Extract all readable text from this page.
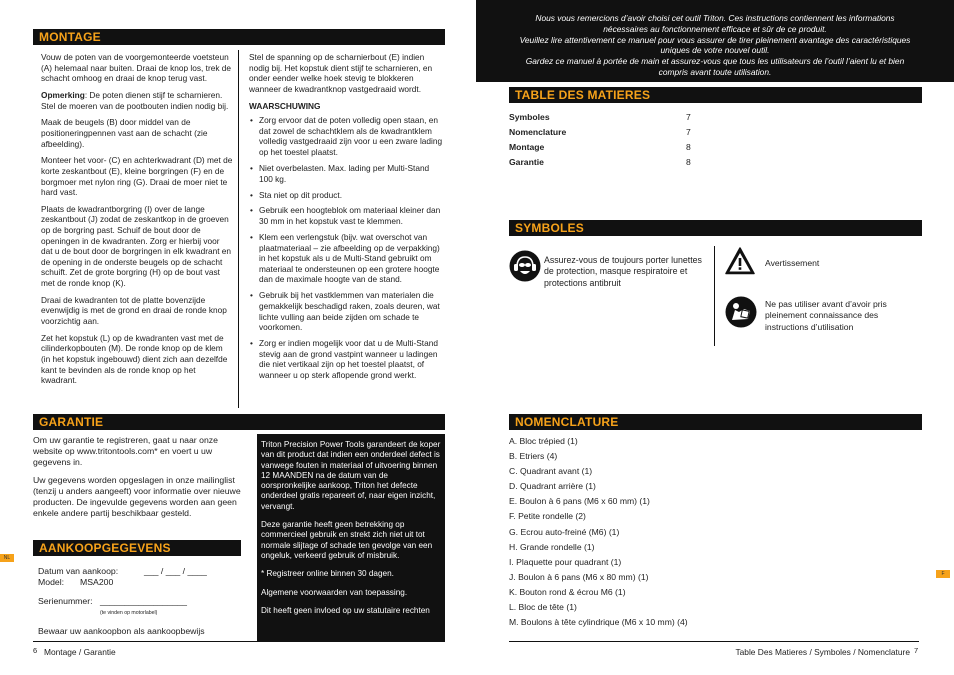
MONTAGE

Vouw de poten van de voorgemonteerde voetsteun (A) helemaal naar buiten. Draai de knop los, trek de schacht omhoog en draai de knop terug vast.

Opmerking: De poten dienen stijf te scharnieren. Stel de moeren van de pootbouten indien nodig bij.

Maak de beugels (B) door middel van de positioneringpennen vast aan de schacht (zie afbeelding).

Monteer het voor- (C) en achterkwadrant (D) met de korte zeskantbout (E), kleine borgringen (F) en de borgmoer met nylon ring (G). Draai de moer niet te hard vast.

Plaats de kwadrantborgring (I) over de lange zeskantbout (J) zodat de zeskantkop in de groeven op de borgring past. Schuif de bout door de openingen in de kwadranten. Zorg er hierbij voor dat u de bout door de borgringen in elk kwadrant en de opening in de onderste beugels op de schacht schuift. Zet de grote borgring (H) op de bout vast met de ronde knop (K).

Draai de kwadranten tot de platte bovenzijde evenwijdig is met de grond en draai de ronde knop voorzichtig aan.

Zet het kopstuk (L) op de kwadranten vast met de cilinderkopbouten (M). De ronde knop op de klem (in het kopstuk ingebouwd) dient zich aan dezelfde kant te bevinden als de ronde knop op het kwadrant.

Stel de spanning op de scharnierbout (E) indien nodig bij. Het kopstuk dient stijf te scharnieren, en onder eender welke hoek stevig te blokkeren wanneer de kwadrantknop vastgedraaid wordt.

WAARSCHUWING

• Zorg ervoor dat de poten volledig open staan, en dat zowel de schachtklem als de kwadrantklem volledig vastgedraaid zijn voor u een zware lading op het toestel plaatst.
• Niet overbelasten. Max. lading per Multi-Stand 100 kg.
• Sta niet op dit product.
• Gebruik een hoogteblok om materiaal kleiner dan 30 mm in het kopstuk vast te klemmen.
• Klem een verlengstuk (bijv. wat overschot van plaatmateriaal – zie afbeelding op de verpakking) in het kopstuk als u de Multi-Stand gebruikt om materiaal te ondersteunen op een grotere hoogte dan de maximale hoogte van de stand.
• Gebruik bij het vastklemmen van materialen die gemakkelijk beschadigd raken, zoals deuren, wat lichte vulling aan beide zijden om schade te voorkomen.
• Zorg er indien mogelijk voor dat u de Multi-Stand stevig aan de grond vastpint wanneer u ladingen die niet vertikaal zijn op het toestel plaatst, of wanneer u op sterk aflopende grond werkt.
GARANTIE

Om uw garantie te registreren, gaat u naar onze website op www.tritontools.com* en voert u uw gegevens in.

Uw gegevens worden opgeslagen in onze mailinglist (tenzij u anders aangeeft) voor informatie over nieuwe producten. De ingevulde gegevens worden aan geen enkele andere partij beschikbaar gesteld.

Triton Precision Power Tools garandeert de koper van dit product dat indien een onderdeel defect is vanwege fouten in materiaal of uitvoering binnen 12 MAANDEN na de datum van de oorspronkelijke aankoop, Triton het defecte onderdeel gratis repareert of, naar eigen inzicht, vervangt.

Deze garantie heeft geen betrekking op commercieel gebruik en strekt zich niet uit tot normale slijtage of schade ten gevolge van een ongeluk, verkeerd gebruik of misbruik.

* Registreer online binnen 30 dagen.

Algemene voorwaarden van toepassing.

Dit heeft geen invloed op uw statutaire rechten

AANKOOPGEGEVENS
Datum van aankoop:	___ / ___ / ____
Model: MSA200
Serienummer: __________________
(te vinden op motorlabel)
Bewaar uw aankoopbon als aankoopbewijs
NL
6 Montage / Garantie
Nous vous remercions d’avoir choisi cet outil Triton. Ces instructions contiennent les informations nécessaires au fonctionnement efficace et sûr de ce produit.
Veuillez lire attentivement ce manuel pour vous assurer de tirer pleinement avantage des caractéristiques uniques de votre nouvel outil.
Gardez ce manuel à portée de main et assurez-vous que tous les utilisateurs de l’outil l’aient lu et bien compris avant toute utilisation.
TABLE DES MATIERES
Symboles	7
Nomenclature	7
Montage	8
Garantie	8
SYMBOLES
Assurez-vous de toujours porter lunettes de protection, masque respiratoire et protections antibruit
Avertissement
Ne pas utiliser avant d’avoir pris pleinement connaissance des instructions d’utilisation
NOMENCLATURE
A. Bloc trépied (1)
B. Etriers (4)
C. Quadrant avant (1)
D. Quadrant arrière (1)
E. Boulon à 6 pans (M6 x 60 mm) (1)
F. Petite rondelle (2)
G. Ecrou auto-freiné (M6) (1)
H. Grande rondelle (1)
I. Plaquette pour quadrant (1)
J. Boulon à 6 pans (M6 x 80 mm) (1)
K. Bouton rond & écrou M6 (1)
L. Bloc de tête (1)
M. Boulons à tête cylindrique (M6 x 10 mm) (4)
F
Table Des Matieres / Symboles / Nomenclature 7
